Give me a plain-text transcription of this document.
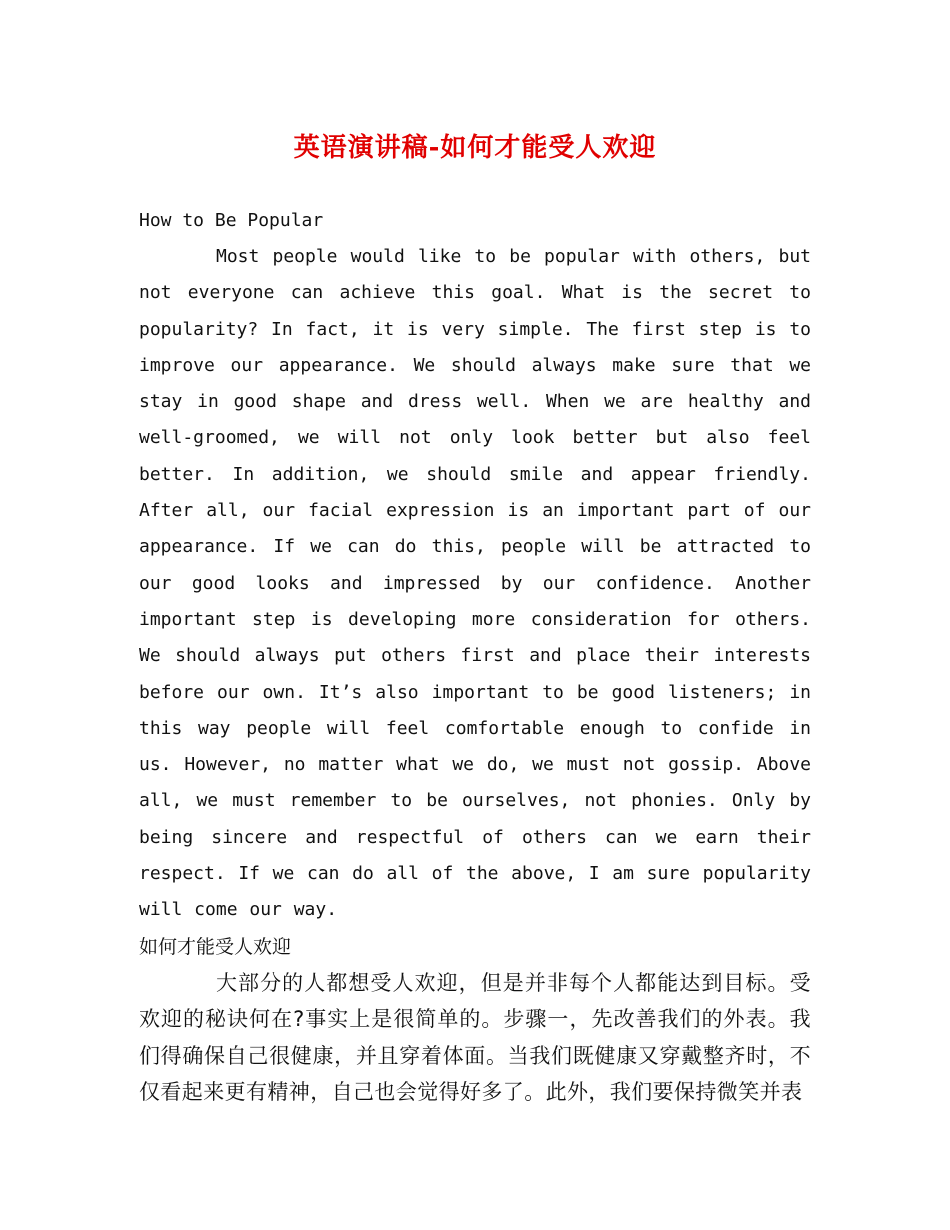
英语演讲稿-如何才能受人欢迎
How to Be Popular

Most people would like to be popular with others, but not everyone can achieve this goal. What is the secret to popularity? In fact, it is very simple. The first step is to improve our appearance. We should always make sure that we stay in good shape and dress well. When we are healthy and well-groomed, we will not only look better but also feel better. In addition, we should smile and appear friendly. After all, our facial expression is an important part of our appearance. If we can do this, people will be attracted to our good looks and impressed by our confidence. Another important step is developing more consideration for others. We should always put others first and place their interests before our own. It’s also important to be good listeners; in this way people will feel comfortable enough to confide in us. However, no matter what we do, we must not gossip. Above all, we must remember to be ourselves, not phonies. Only by being sincere and respectful of others can we earn their respect. If we can do all of the above, I am sure popularity will come our way.

如何才能受人欢迎

大部分的人都想受人欢迎，但是并非每个人都能达到目标。受欢迎的秘诀何在?事实上是很简单的。步骤一，先改善我们的外表。我们得确保自己很健康，并且穿着体面。当我们既健康又穿戴整齐时，不仅看起来更有精神，自己也会觉得好多了。此外，我们要保持微笑并表
